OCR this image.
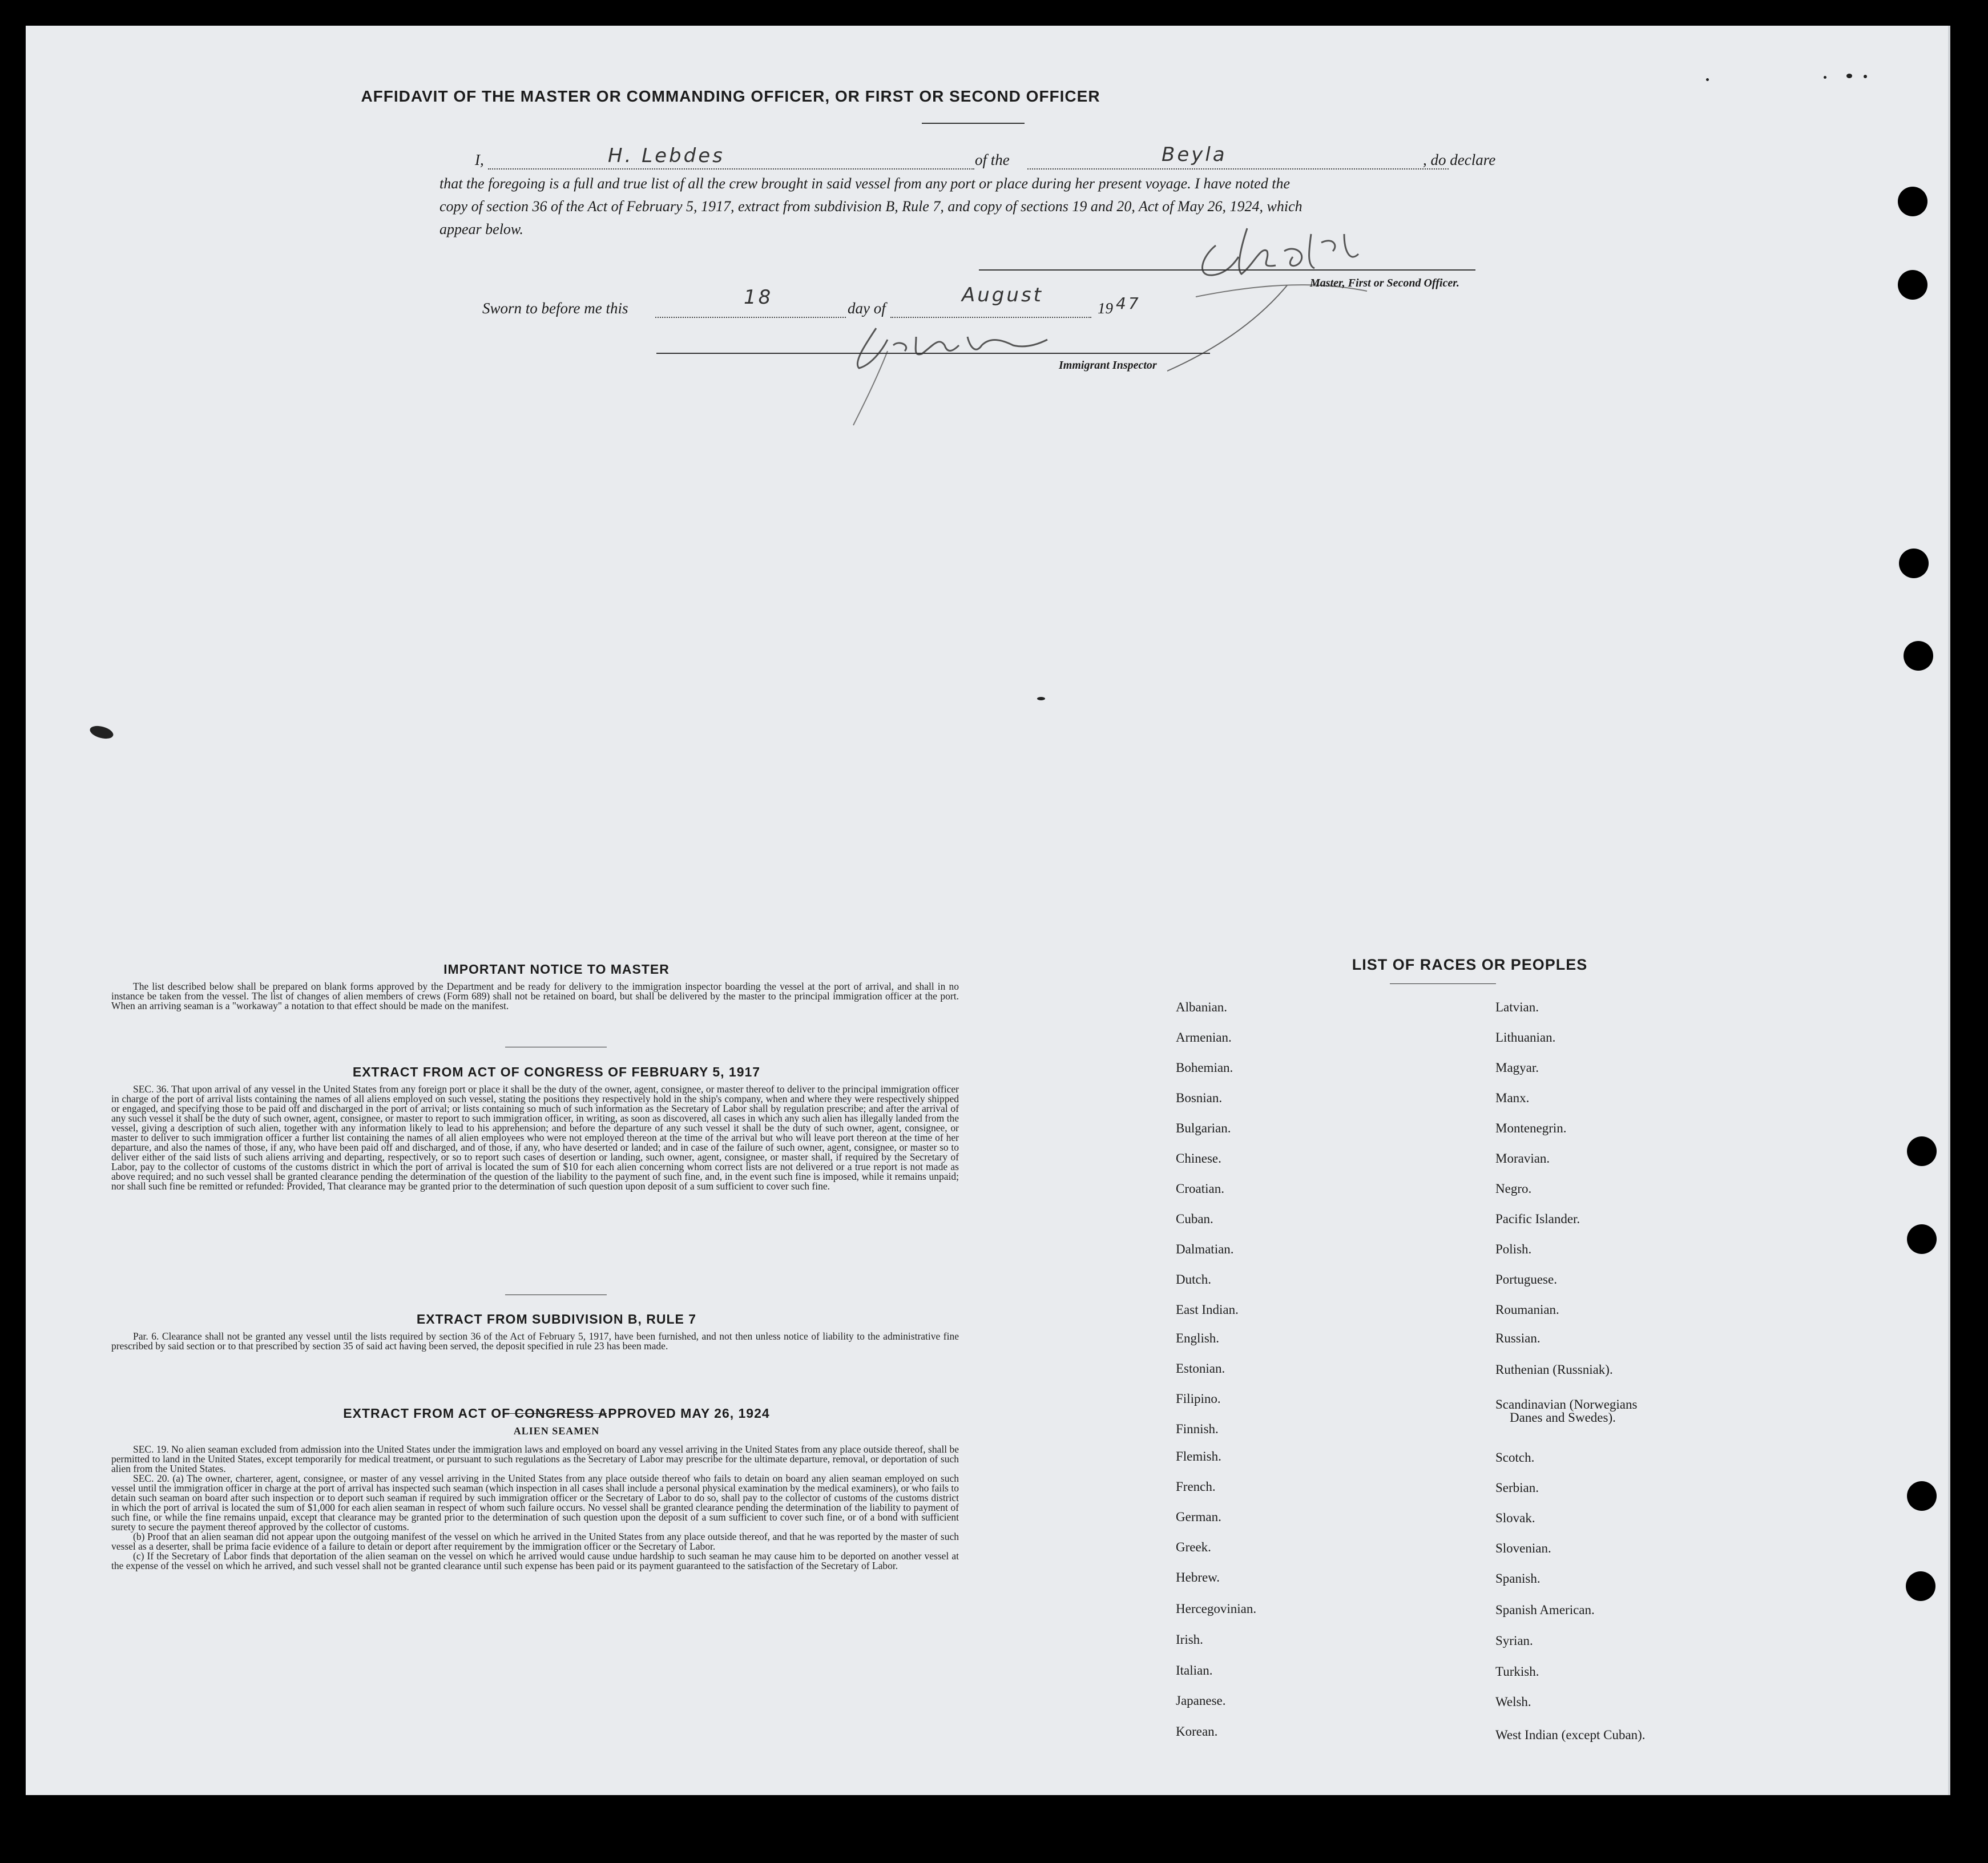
AFFIDAVIT OF THE MASTER OR COMMANDING OFFICER, OR FIRST OR SECOND OFFICER
I,	H. Lebdes	of the	Beyla	, do declare
that the foregoing is a full and true list of all the crew brought in said vessel from any port or place during her present voyage. I have noted the
copy of section 36 of the Act of February 5, 1917, extract from subdivision B, Rule 7, and copy of sections 19 and 20, Act of May 26, 1924, which
appear below.
Master, First or Second Officer.
Sworn to before me this	18	day of
August
19 47
Immigrant Inspector
IMPORTANT NOTICE TO MASTER

The list described below shall be prepared on blank forms approved by the Department and be ready for delivery to the immigration inspector boarding the vessel at the port of arrival, and shall in no instance be taken from the vessel. The list of changes of alien members of crews (Form 689) shall not be retained on board, but shall be delivered by the master to the principal immigration officer at the port. When an arriving seaman is a "workaway" a notation to that effect should be made on the manifest.

EXTRACT FROM ACT OF CONGRESS OF FEBRUARY 5, 1917

SEC. 36. That upon arrival of any vessel in the United States from any foreign port or place it shall be the duty of the owner, agent, consignee, or master thereof to deliver to the principal immigration officer in charge of the port of arrival lists containing the names of all aliens employed on such vessel, stating the positions they respectively hold in the ship's company, when and where they were respectively shipped or engaged, and specifying those to be paid off and discharged in the port of arrival; or lists containing so much of such information as the Secretary of Labor shall by regulation prescribe; and after the arrival of any such vessel it shall be the duty of such owner, agent, consignee, or master to report to such immigration officer, in writing, as soon as discovered, all cases in which any such alien has illegally landed from the vessel, giving a description of such alien, together with any information likely to lead to his apprehension; and before the departure of any such vessel it shall be the duty of such owner, agent, consignee, or master to deliver to such immigration officer a further list containing the names of all alien employees who were not employed thereon at the time of the arrival but who will leave port thereon at the time of her departure, and also the names of those, if any, who have been paid off and discharged, and of those, if any, who have deserted or landed; and in case of the failure of such owner, agent, consignee, or master so to deliver either of the said lists of such aliens arriving and departing, respectively, or so to report such cases of desertion or landing, such owner, agent, consignee, or master shall, if required by the Secretary of Labor, pay to the collector of customs of the customs district in which the port of arrival is located the sum of $10 for each alien concerning whom correct lists are not delivered or a true report is not made as above required; and no such vessel shall be granted clearance pending the determination of the question of the liability to the payment of such fine, and, in the event such fine is imposed, while it remains unpaid; nor shall such fine be remitted or refunded: Provided, That clearance may be granted prior to the determination of such question upon deposit of a sum sufficient to cover such fine.

EXTRACT FROM SUBDIVISION B, RULE 7

Par. 6. Clearance shall not be granted any vessel until the lists required by section 36 of the Act of February 5, 1917, have been furnished, and not then unless notice of liability to the administrative fine prescribed by said section or to that prescribed by section 35 of said act having been served, the deposit specified in rule 23 has been made.

EXTRACT FROM ACT OF CONGRESS APPROVED MAY 26, 1924
ALIEN SEAMEN

SEC. 19. No alien seaman excluded from admission into the United States under the immigration laws and employed on board any vessel arriving in the United States from any place outside thereof, shall be permitted to land in the United States, except temporarily for medical treatment, or pursuant to such regulations as the Secretary of Labor may prescribe for the ultimate departure, removal, or deportation of such alien from the United States.

SEC. 20. (a) The owner, charterer, agent, consignee, or master of any vessel arriving in the United States from any place outside thereof who fails to detain on board any alien seaman employed on such vessel until the immigration officer in charge at the port of arrival has inspected such seaman (which inspection in all cases shall include a personal physical examination by the medical examiners), or who fails to detain such seaman on board after such inspection or to deport such seaman if required by such immigration officer or the Secretary of Labor to do so, shall pay to the collector of customs of the customs district in which the port of arrival is located the sum of $1,000 for each alien seaman in respect of whom such failure occurs. No vessel shall be granted clearance pending the determination of the liability to payment of such fine, or while the fine remains unpaid, except that clearance may be granted prior to the determination of such question upon the deposit of a sum sufficient to cover such fine, or of a bond with sufficient surety to secure the payment thereof approved by the collector of customs.

(b) Proof that an alien seaman did not appear upon the outgoing manifest of the vessel on which he arrived in the United States from any place outside thereof, and that he was reported by the master of such vessel as a deserter, shall be prima facie evidence of a failure to detain or deport after requirement by the immigration officer or the Secretary of Labor.

(c) If the Secretary of Labor finds that deportation of the alien seaman on the vessel on which he arrived would cause undue hardship to such seaman he may cause him to be deported on another vessel at the expense of the vessel on which he arrived, and such vessel shall not be granted clearance until such expense has been paid or its payment guaranteed to the satisfaction of the Secretary of Labor.

LIST OF RACES OR PEOPLES
Albanian.
Armenian.
Bohemian.
Bosnian.
Bulgarian.
Chinese.
Croatian.
Cuban.
Dalmatian.
Dutch.
East Indian.
English.
Estonian.
Filipino.
Finnish.
Flemish.
French.
German.
Greek.
Hebrew.
Hercegovinian.
Irish.
Italian.
Japanese.
Korean.
Latvian.
Lithuanian.
Magyar.
Manx.
Montenegrin.
Moravian.
Negro.
Pacific Islander.
Polish.
Portuguese.
Roumanian.
Russian.
Ruthenian (Russniak).
Scandinavian (Norwegians
Danes and Swedes).
Scotch.
Serbian.
Slovak.
Slovenian.
Spanish.
Spanish American.
Syrian.
Turkish.
Welsh.
West Indian (except Cuban).
